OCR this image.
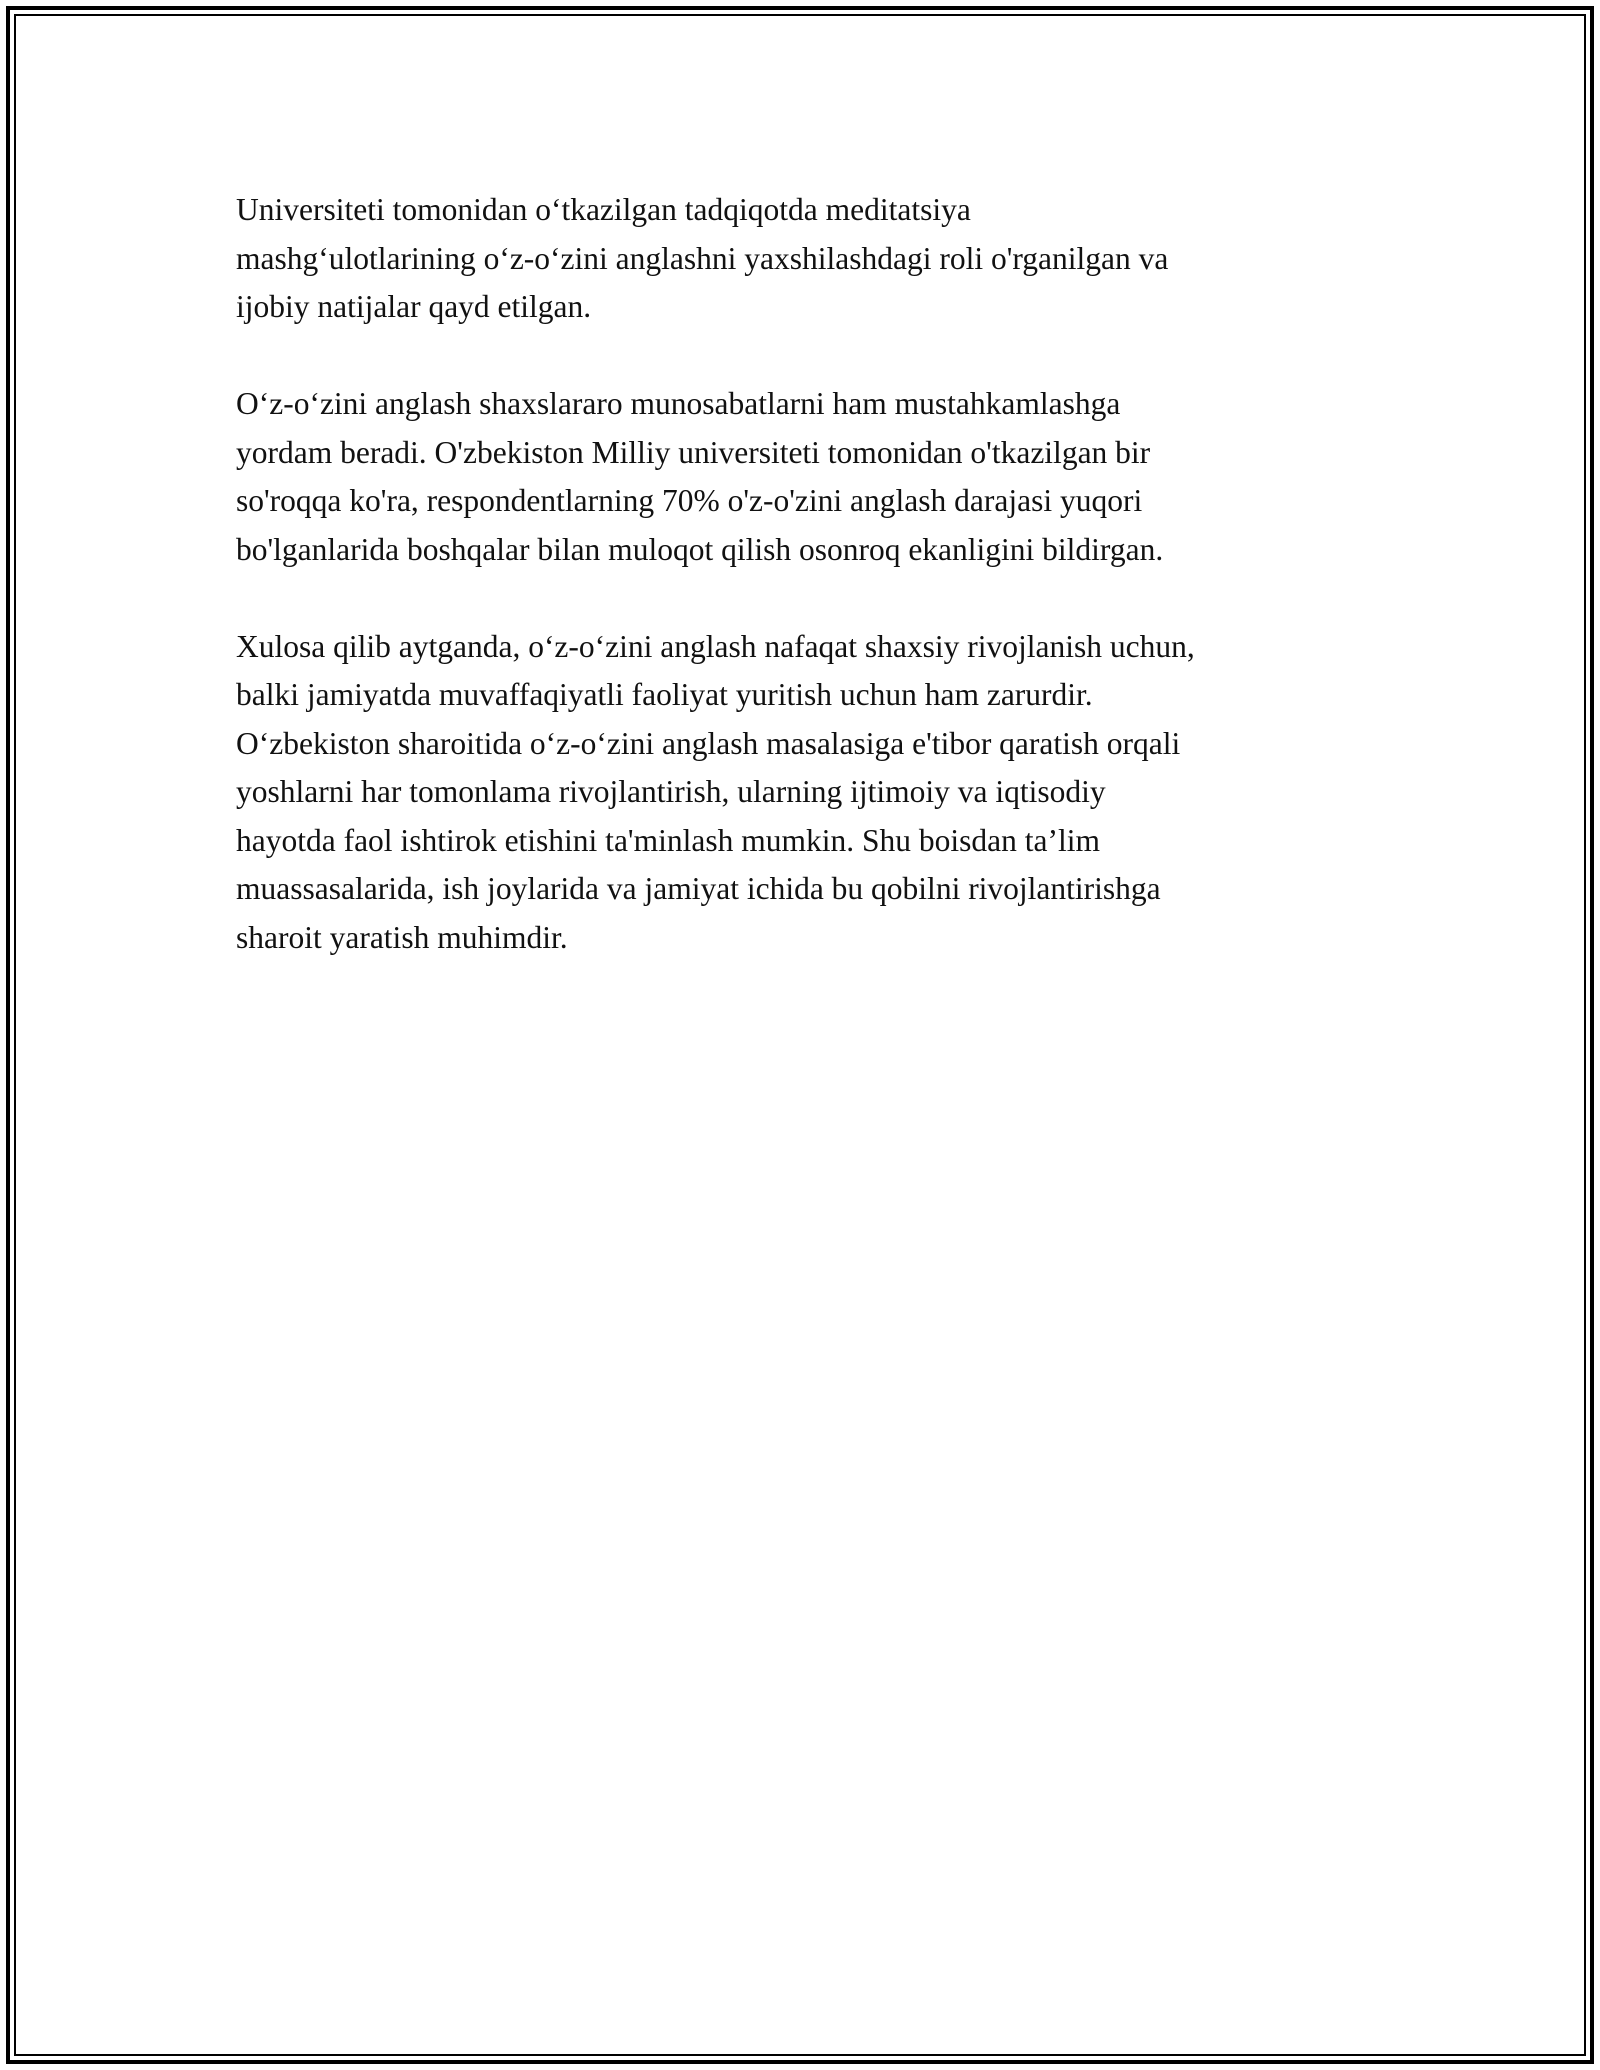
Universiteti tomonidan o‘tkazilgan tadqiqotda meditatsiya
mashg‘ulotlarining o‘z-o‘zini anglashni yaxshilashdagi roli o'rganilgan va
ijobiy natijalar qayd etilgan.

O‘z-o‘zini anglash shaxslararo munosabatlarni ham mustahkamlashga
yordam beradi. O'zbekiston Milliy universiteti tomonidan o'tkazilgan bir
so'roqqa ko'ra, respondentlarning 70% o'z-o'zini anglash darajasi yuqori
bo'lganlarida boshqalar bilan muloqot qilish osonroq ekanligini bildirgan.

Xulosa qilib aytganda, o‘z-o‘zini anglash nafaqat shaxsiy rivojlanish uchun,
balki jamiyatda muvaffaqiyatli faoliyat yuritish uchun ham zarurdir.
O‘zbekiston sharoitida o‘z-o‘zini anglash masalasiga e'tibor qaratish orqali
yoshlarni har tomonlama rivojlantirish, ularning ijtimoiy va iqtisodiy
hayotda faol ishtirok etishini ta'minlash mumkin. Shu boisdan ta’lim
muassasalarida, ish joylarida va jamiyat ichida bu qobilni rivojlantirishga
sharoit yaratish muhimdir.
